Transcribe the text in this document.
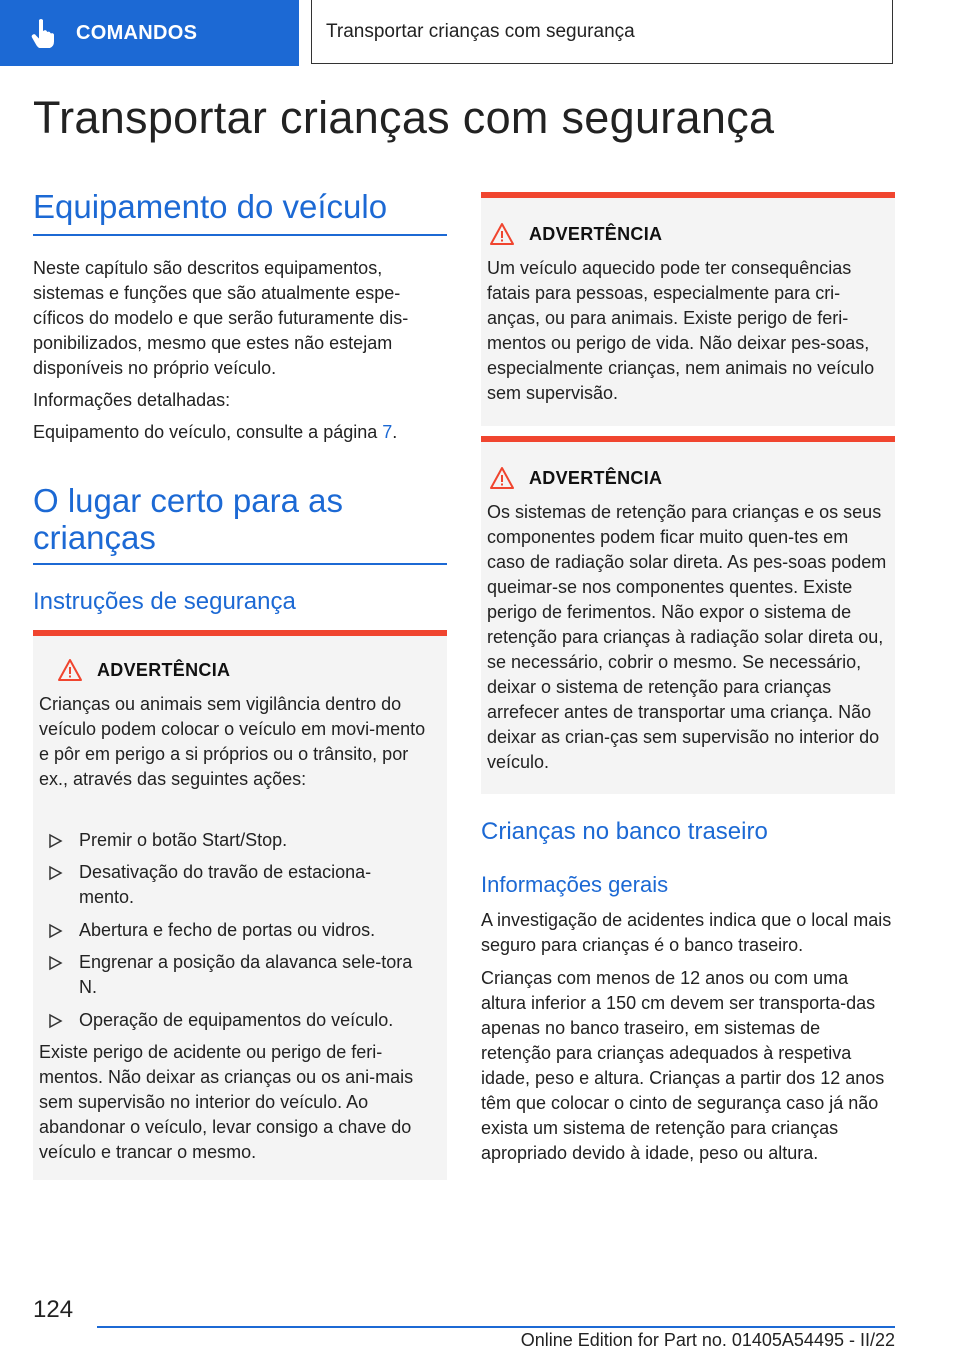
COMANDOS	Transportar crianças com segurança
Transportar crianças com segurança
Equipamento do veículo

Neste capítulo são descritos equipamentos, sistemas e funções que são atualmente espe-cíficos do modelo e que serão futuramente dis-ponibilizados, mesmo que estes não estejam disponíveis no próprio veículo.

Informações detalhadas:

Equipamento do veículo, consulte a página 7.

O lugar certo para as crianças
Instruções de segurança
ADVERTÊNCIA

Crianças ou animais sem vigilância dentro do veículo podem colocar o veículo em movi-mento e pôr em perigo a si próprios ou o trânsito, por ex., através das seguintes ações:

Premir o botão Start/Stop.
Desativação do travão de estaciona-mento.
Abertura e fecho de portas ou vidros.
Engrenar a posição da alavanca sele-tora N.
Operação de equipamentos do veículo.

Existe perigo de acidente ou perigo de feri-mentos. Não deixar as crianças ou os ani-mais sem supervisão no interior do veículo. Ao abandonar o veículo, levar consigo a chave do veículo e trancar o mesmo.

ADVERTÊNCIA

Um veículo aquecido pode ter consequências fatais para pessoas, especialmente para cri-anças, ou para animais. Existe perigo de feri-mentos ou perigo de vida. Não deixar pes-soas, especialmente crianças, nem animais no veículo sem supervisão.

ADVERTÊNCIA

Os sistemas de retenção para crianças e os seus componentes podem ficar muito quen-tes em caso de radiação solar direta. As pes-soas podem queimar-se nos componentes quentes. Existe perigo de ferimentos. Não expor o sistema de retenção para crianças à radiação solar direta ou, se necessário, cobrir o mesmo. Se necessário, deixar o sistema de retenção para crianças arrefecer antes de transportar uma criança. Não deixar as crian-ças sem supervisão no interior do veículo.

Crianças no banco traseiro
Informações gerais

A investigação de acidentes indica que o local mais seguro para crianças é o banco traseiro.

Crianças com menos de 12 anos ou com uma altura inferior a 150 cm devem ser transporta-das apenas no banco traseiro, em sistemas de retenção para crianças adequados à respetiva idade, peso e altura. Crianças a partir dos 12 anos têm que colocar o cinto de segurança caso já não exista um sistema de retenção para crianças apropriado devido à idade, peso ou altura.

124
Online Edition for Part no. 01405A54495 - II/22
